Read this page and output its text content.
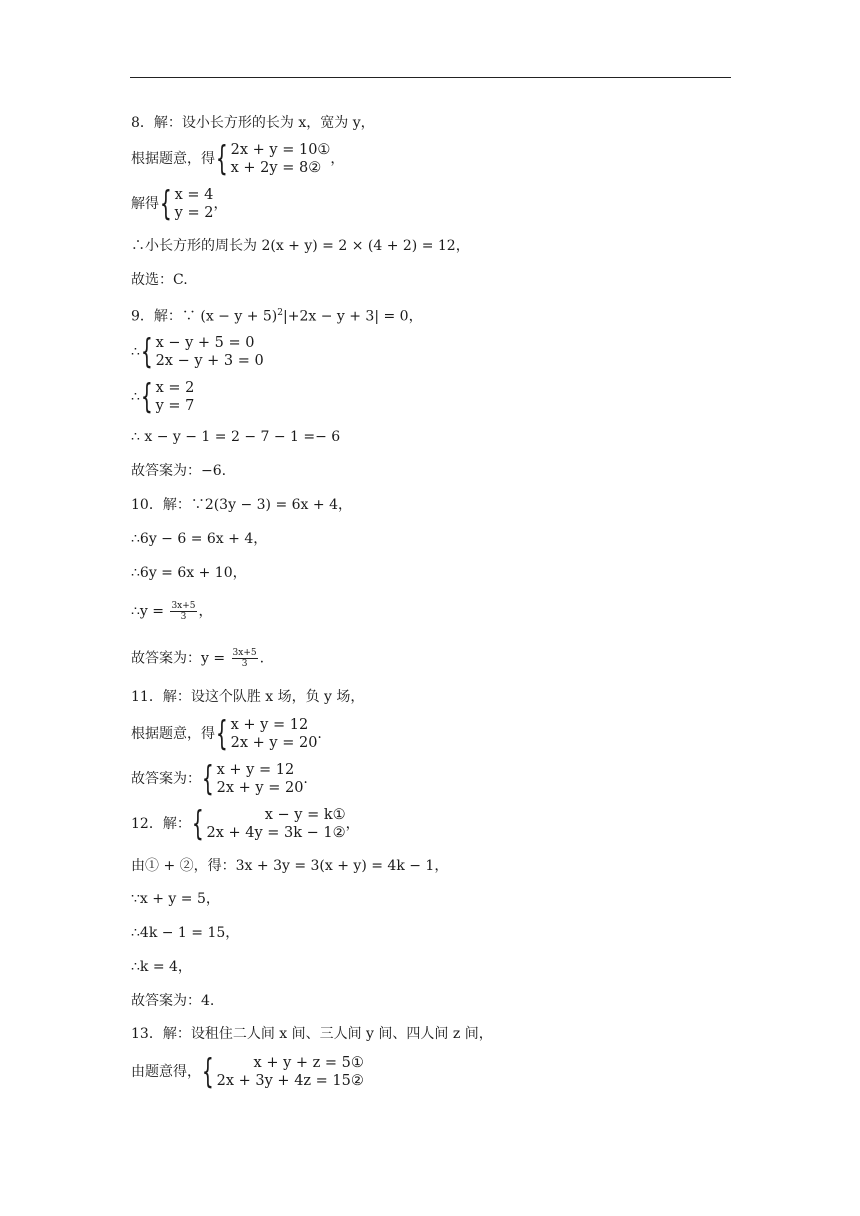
8．解：设小长方形的长为 x，宽为 y，
根据题意，得 { 2x + y = 10①
x + 2y = 8②
，
解得 { x = 4
y = 2
，
∴小长方形的周长为 2(x + y) = 2 × (4 + 2) = 12，
故选：C.
9．解：∵ $(x - y + 5)^2|+2x - y + 3| = 0$，
∴ { x − y + 5 = 0
2x − y + 3 = 0
∴ { x = 2
y = 7
∴ x − y − 1 = 2 − 7 − 1 =− 6
故答案为：−6.
10．解：∵2(3y − 3) = 6x + 4，
∴6y − 6 = 6x + 4，
∴6y = 6x + 10，
∴y = $\frac{3x+5}{3}$ ，
故答案为：$y = \frac{3x+5}{3}$ .
11．解：设这个队胜 x 场，负 y 场，
根据题意，得 { x + y = 12
2x + y = 20
.
故答案为： { x + y = 12
2x + y = 20
.
12．解： {	x − y = k①
2x + 4y = 3k − 1②
，
由① + ②，得：3x + 3y = 3(x + y) = 4k − 1，
∵x + y = 5，
∴4k − 1 = 15，
∴k = 4，
故答案为：4.
13．解：设租住二人间 x 间、三人间 y 间、四人间 z 间，
由题意得， {	x + y + z = 5①
2x + 3y + 4z = 15②
